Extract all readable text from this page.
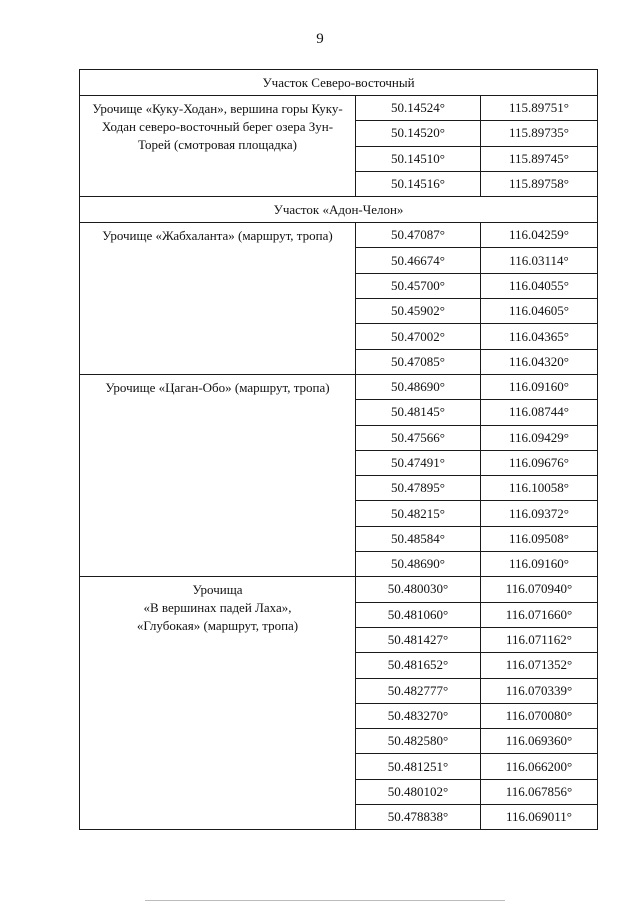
9
Участок Северо-восточный		
Урочище «Куку-Ходан», вершина горы Куку-Ходан северо-восточный берег озера Зун-Торей (смотровая площадка)	50.14524°	115.89751°
	50.14520°	115.89735°
	50.14510°	115.89745°
	50.14516°	115.89758°
Участок «Адон-Челон»		
Урочище «Жабхаланта» (маршрут, тропа)	50.47087°	116.04259°
	50.46674°	116.03114°
	50.45700°	116.04055°
	50.45902°	116.04605°
	50.47002°	116.04365°
	50.47085°	116.04320°
Урочище «Цаган-Обо» (маршрут, тропа)	50.48690°	116.09160°
	50.48145°	116.08744°
	50.47566°	116.09429°
	50.47491°	116.09676°
	50.47895°	116.10058°
	50.48215°	116.09372°
	50.48584°	116.09508°
	50.48690°	116.09160°

Урочища
«В вершинах падей Лаха»,
«Глубокая» (маршрут, тропа)	50.480030°	116.070940°
	50.481060°	116.071660°
	50.481427°	116.071162°
	50.481652°	116.071352°
	50.482777°	116.070339°
	50.483270°	116.070080°
	50.482580°	116.069360°
	50.481251°	116.066200°
	50.480102°	116.067856°
	50.478838°	116.069011°
